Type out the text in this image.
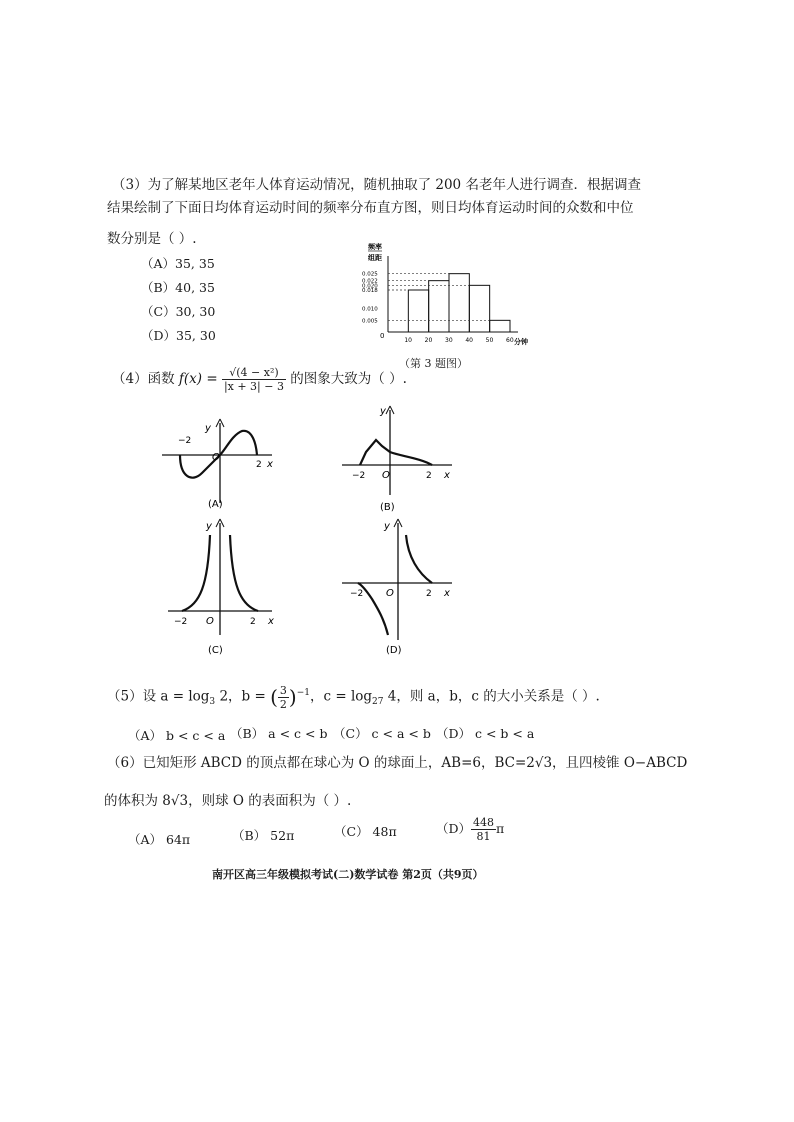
（3）为了解某地区老年人体育运动情况，随机抽取了 200 名老年人进行调查．根据调查
结果绘制了下面日均体育运动时间的频率分布直方图，则日均体育运动时间的众数和中位
数分别是（ ）.
（A）35, 35
（B）40, 35
（C）30, 30
（D）35, 30
频率
组距
0.025
0.022
0.020
0.018
0.010
0.005
10 20 30 40 50 60 分钟
0
（第 3 题图）
（4）函数 $f(x) = \frac{\text{√(4 − x²)}}{|x + 3| - 3}$ 的图象大致为（ ）.
y
−2
O
2 x
(A)
y
−2 O	2 x
(B)
y
−2 O	2 x
(C)
y
−2 O	2 x
(D)
（5）设 $a = \log_3 2$，b = ( $\frac{3}{2} )^{-1}$，$c = \log_{27} 4$，则 a，b，c 的大小关系是（ ）.
（A） b < c < a （B） a < c < b （C） c < a < b （D） c < b < a
（6）已知矩形 ABCD 的顶点都在球心为 O 的球面上，AB=6，BC=2√3，且四棱锥 O−ABCD
的体积为 8√3，则球 O 的表面积为（ ）.
（A） 64π	（B） 52π	（C） 48π	$(D) \frac{448}{81}$ π
南开区高三年级模拟考试(二)数学试卷 第2页（共9页）
